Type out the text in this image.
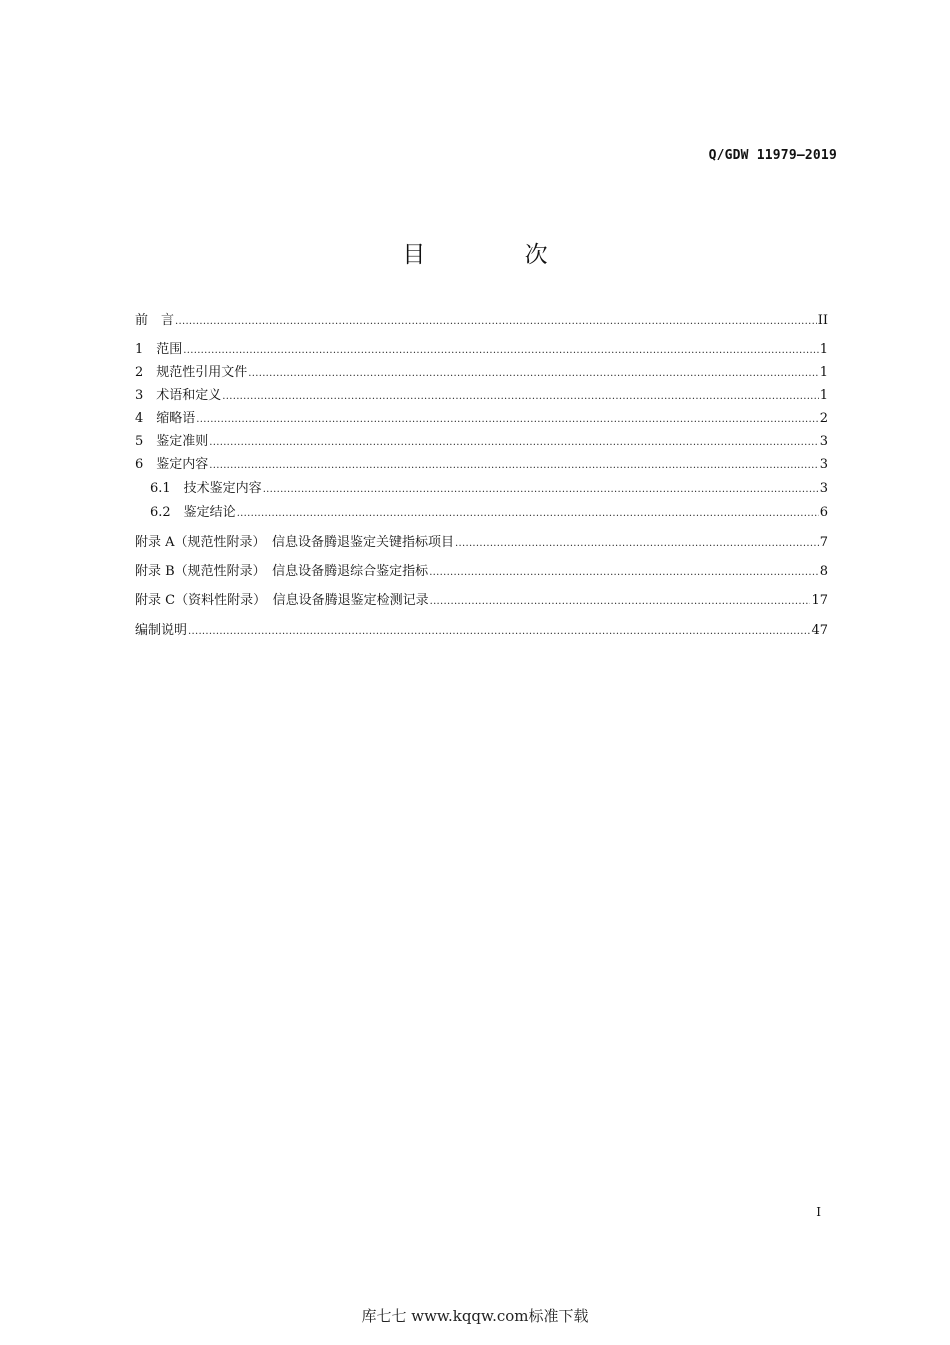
Q/GDW 11979—2019
目 次
前　言 .....	II
1　范围 .....	1
2　规范性引用文件 .....	1
3　术语和定义 .....	1
4　缩略语 .....	2
5　鉴定准则 .....	3
6　鉴定内容 .....	3
6.1　技术鉴定内容 .....	3
6.2　鉴定结论 .....	6
附录 A（规范性附录）　信息设备腾退鉴定关键指标项目 .....	7
附录 B（规范性附录）　信息设备腾退综合鉴定指标 .....	8
附录 C（资料性附录）　信息设备腾退鉴定检测记录 .....	17
编制说明 .....	47
I
库七七 www.kqqw.com标准下载
